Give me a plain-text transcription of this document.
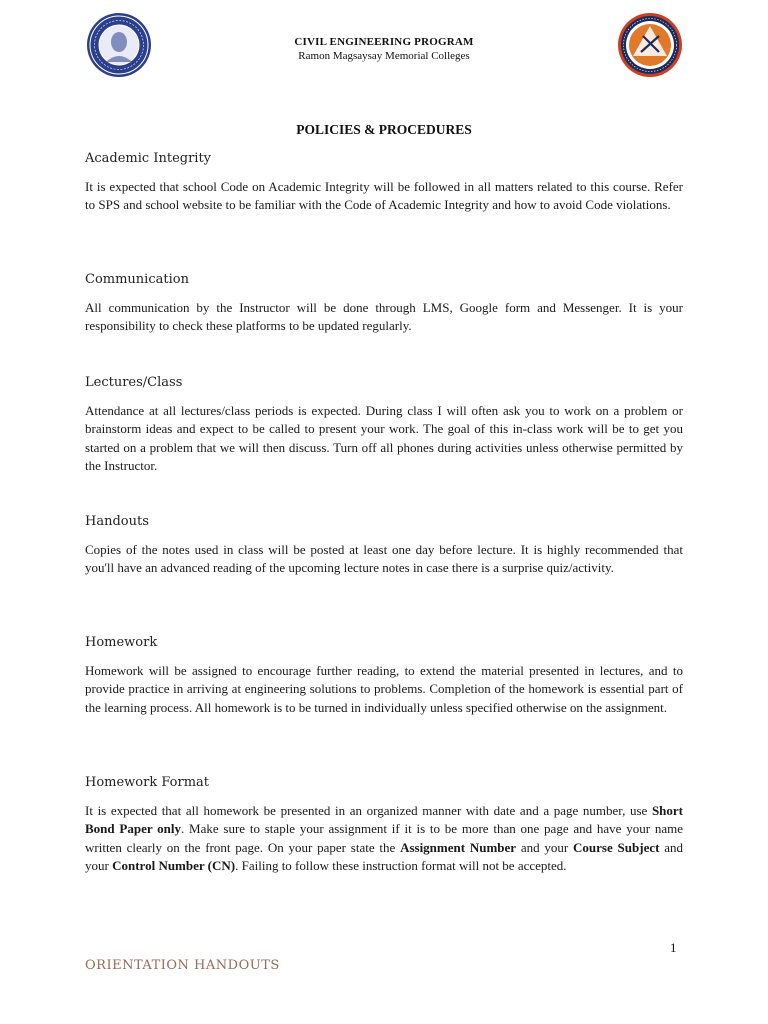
CIVIL ENGINEERING PROGRAM
Ramon Magsaysay Memorial Colleges
POLICIES & PROCEDURES

Academic Integrity

It is expected that school Code on Academic Integrity will be followed in all matters related to this course. Refer to SPS and school website to be familiar with the Code of Academic Integrity and how to avoid Code violations.

Communication

All communication by the Instructor will be done through LMS, Google form and Messenger. It is your responsibility to check these platforms to be updated regularly.

Lectures/Class

Attendance at all lectures/class periods is expected. During class I will often ask you to work on a problem or brainstorm ideas and expect to be called to present your work. The goal of this in-class work will be to get you started on a problem that we will then discuss. Turn off all phones during activities unless otherwise permitted by the Instructor.

Handouts

Copies of the notes used in class will be posted at least one day before lecture. It is highly recommended that you'll have an advanced reading of the upcoming lecture notes in case there is a surprise quiz/activity.

Homework

Homework will be assigned to encourage further reading, to extend the material presented in lectures, and to provide practice in arriving at engineering solutions to problems. Completion of the homework is essential part of the learning process. All homework is to be turned in individually unless specified otherwise on the assignment.

Homework Format

It is expected that all homework be presented in an organized manner with date and a page number, use Short Bond Paper only. Make sure to staple your assignment if it is to be more than one page and have your name written clearly on the front page. On your paper state the Assignment Number and your Course Subject and your Control Number (CN). Failing to follow these instruction format will not be accepted.

1
ORIENTATION HANDOUTS
